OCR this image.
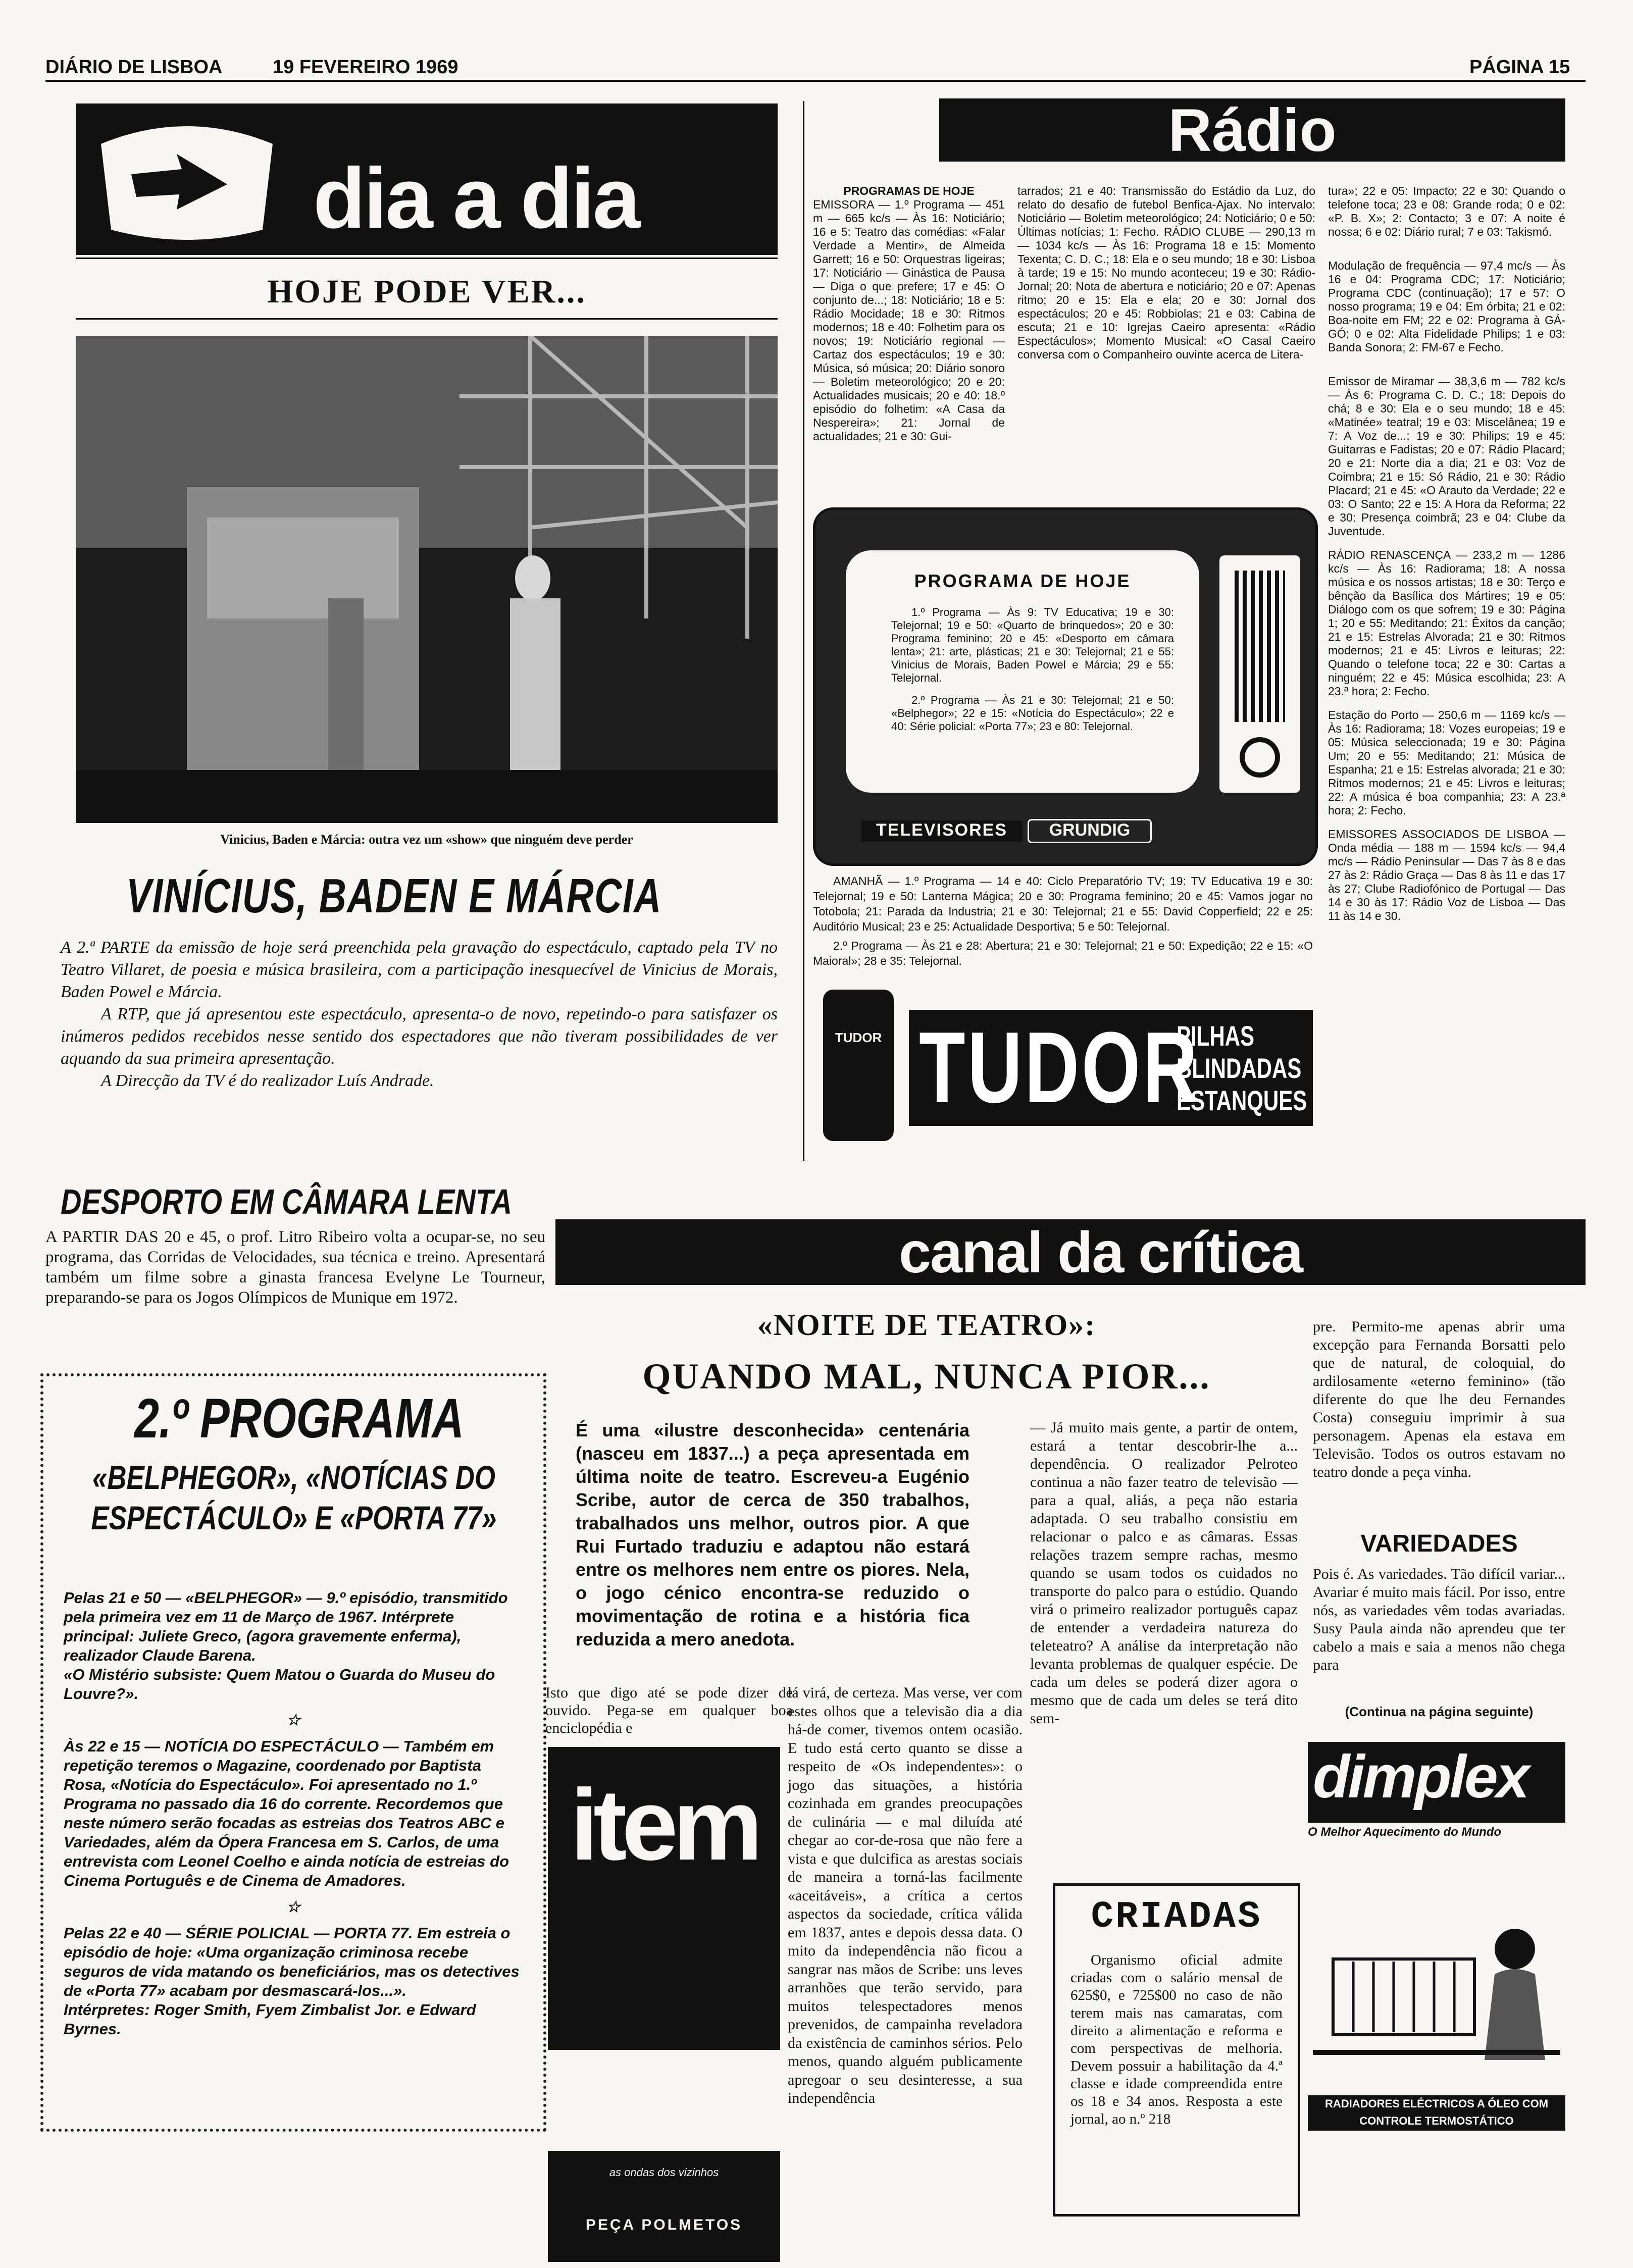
DIÁRIO DE LISBOA	19 FEVEREIRO 1969	PÁGINA 15
dia a dia
HOJE PODE VER...
Vinicius, Baden e Márcia: outra vez um «show» que ninguém deve perder
VINÍCIUS, BADEN E MÁRCIA

A 2.ª PARTE da emissão de hoje será preenchida pela gravação do espectáculo, captado pela TV no Teatro Villaret, de poesia e música brasileira, com a participação inesquecível de Vinicius de Morais, Baden Powel e Márcia.

A RTP, que já apresentou este espectáculo, apresenta-o de novo, repetindo-o para satisfazer os inúmeros pedidos recebidos nesse sentido dos espectadores que não tiveram possibilidades de ver aquando da sua primeira apresentação.

A Direcção da TV é do realizador Luís Andrade.

DESPORTO EM CÂMARA LENTA
A PARTIR DAS 20 e 45, o prof. Litro Ribeiro volta a ocupar-se, no seu programa, das Corridas de Velocidades, sua técnica e treino. Apresentará também um filme sobre a ginasta francesa Evelyne Le Tourneur, preparando-se para os Jogos Olímpicos de Munique em 1972.
2.º PROGRAMA
«BELPHEGOR», «NOTÍCIAS DO ESPECTÁCULO» E «PORTA 77»

Pelas 21 e 50 — «BELPHEGOR» — 9.º episódio, transmitido pela primeira vez em 11 de Março de 1967. Intérprete principal: Juliete Greco, (agora gravemente enferma), realizador Claude Barena.

«O Mistério subsiste: Quem Matou o Guarda do Museu do Louvre?».

☆

Às 22 e 15 — NOTÍCIA DO ESPECTÁCULO — Também em repetição teremos o Magazine, coordenado por Baptista Rosa, «Notícia do Espectáculo». Foi apresentado no 1.º Programa no passado dia 16 do corrente. Recordemos que neste número serão focadas as estreias dos Teatros ABC e Variedades, além da Ópera Francesa em S. Carlos, de uma entrevista com Leonel Coelho e ainda notícia de estreias do Cinema Português e de Cinema de Amadores.

☆

Pelas 22 e 40 — SÉRIE POLICIAL — PORTA 77. Em estreia o episódio de hoje: «Uma organização criminosa recebe seguros de vida matando os beneficiários, mas os detectives de «Porta 77» acabam por desmascará-los...».

Intérpretes: Roger Smith, Fyem Zimbalist Jor. e Edward Byrnes.

Rádio

PROGRAMAS DE HOJE

EMISSORA — 1.º Programa — 451 m — 665 kc/s — Às 16: Noticiário; 16 e 5: Teatro das comédias: «Falar Verdade a Mentir», de Almeida Garrett; 16 e 50: Orquestras ligeiras; 17: Noticiário — Ginástica de Pausa — Diga o que prefere; 17 e 45: O conjunto de...; 18: Noticiário; 18 e 5: Rádio Mocidade; 18 e 30: Ritmos modernos; 18 e 40: Folhetim para os novos; 19: Noticiário regional — Cartaz dos espectáculos; 19 e 30: Música, só música; 20: Diário sonoro — Boletim meteorológico; 20 e 20: Actualidades musicais; 20 e 40: 18.º episódio do folhetim: «A Casa da Nespereira»; 21: Jornal de actualidades; 21 e 30: Gui-

tarrados; 21 e 40: Transmissão do Estádio da Luz, do relato do desafio de futebol Benfica-Ajax. No intervalo: Noticiário — Boletim meteorológico; 24: Noticiário; 0 e 50: Últimas notícias; 1: Fecho. RÁDIO CLUBE — 290,13 m — 1034 kc/s — Às 16: Programa 18 e 15: Momento Texenta; C. D. C.; 18: Ela e o seu mundo; 18 e 30: Lisboa à tarde; 19 e 15: No mundo aconteceu; 19 e 30: Rádio-Jornal; 20: Nota de abertura e noticiário; 20 e 07: Apenas ritmo; 20 e 15: Ela e ela; 20 e 30: Jornal dos espectáculos; 20 e 45: Robbiolas; 21 e 03: Cabina de escuta; 21 e 10: Igrejas Caeiro apresenta: «Rádio Espectáculos»; Momento Musical: «O Casal Caeiro conversa com o Companheiro ouvinte acerca de Litera-

tura»; 22 e 05: Impacto; 22 e 30: Quando o telefone toca; 23 e 08: Grande roda; 0 e 02: «P. B. X»; 2: Contacto; 3 e 07: A noite é nossa; 6 e 02: Diário rural; 7 e 03: Takismó.

Modulação de frequência — 97,4 mc/s — Às 16 e 04: Programa CDC; 17: Noticiário; Programa CDC (continuação); 17 e 57: O nosso programa; 19 e 04: Em órbita; 21 e 02: Boa-noite em FM; 22 e 02: Programa à GÁ-GÓ; 0 e 02: Alta Fidelidade Philips; 1 e 03: Banda Sonora; 2: FM-67 e Fecho.

Emissor de Miramar — 38,3,6 m — 782 kc/s — Às 6: Programa C. D. C.; 18: Depois do chá; 8 e 30: Ela e o seu mundo; 18 e 45: «Matinée» teatral; 19 e 03: Miscelânea; 19 e 7: A Voz de...; 19 e 30: Philips; 19 e 45: Guitarras e Fadistas; 20 e 07: Rádio Placard; 20 e 21: Norte dia a dia; 21 e 03: Voz de Coimbra; 21 e 15: Só Rádio, 21 e 30: Rádio Placard; 21 e 45: «O Arauto da Verdade; 22 e 03: O Santo; 22 e 15: A Hora da Reforma; 22 e 30: Presença coimbrã; 23 e 04: Clube da Juventude.

RÁDIO RENASCENÇA — 233,2 m — 1286 kc/s — Às 16: Radiorama; 18: A nossa música e os nossos artistas; 18 e 30: Terço e bênção da Basílica dos Mártires; 19 e 05: Diálogo com os que sofrem; 19 e 30: Página 1; 20 e 55: Meditando; 21: Êxitos da canção; 21 e 15: Estrelas Alvorada; 21 e 30: Ritmos modernos; 21 e 45: Livros e leituras; 22: Quando o telefone toca; 22 e 30: Cartas a ninguém; 22 e 45: Música escolhida; 23: A 23.ª hora; 2: Fecho.

Estação do Porto — 250,6 m — 1169 kc/s — Às 16: Radiorama; 18: Vozes europeias; 19 e 05: Música seleccionada; 19 e 30: Página Um; 20 e 55: Meditando; 21: Música de Espanha; 21 e 15: Estrelas alvorada; 21 e 30: Ritmos modernos; 21 e 45: Livros e leituras; 22: A música é boa companhia; 23: A 23.ª hora; 2: Fecho.

EMISSORES ASSOCIADOS DE LISBOA — Onda média — 188 m — 1594 kc/s — 94,4 mc/s — Rádio Peninsular — Das 7 às 8 e das 27 às 2: Rádio Graça — Das 8 às 11 e das 17 às 27; Clube Radiofónico de Portugal — Das 14 e 30 às 17: Rádio Voz de Lisboa — Das 11 às 14 e 30.

PROGRAMA DE HOJE

1.º Programa — Às 9: TV Educativa; 19 e 30: Telejornal; 19 e 50: «Quarto de brinquedos»; 20 e 30: Programa feminino; 20 e 45: «Desporto em câmara lenta»; 21: arte, plásticas; 21 e 30: Telejornal; 21 e 55: Vinicius de Morais, Baden Powel e Márcia; 29 e 55: Telejornal.

2.º Programa — Às 21 e 30: Telejornal; 21 e 50: «Belphegor»; 22 e 15: «Notícia do Espectáculo»; 22 e 40: Série policial: «Porta 77»; 23 e 80: Telejornal.

TELEVISORES	GRUNDIG

AMANHÃ — 1.º Programa — 14 e 40: Ciclo Preparatório TV; 19: TV Educativa 19 e 30: Telejornal; 19 e 50: Lanterna Mágica; 20 e 30: Programa feminino; 20 e 45: Vamos jogar no Totobola; 21: Parada da Industria; 21 e 30: Telejornal; 21 e 55: David Copperfield; 22 e 25: Auditório Musical; 23 e 25: Actualidade Desportiva; 5 e 50: Telejornal.

2.º Programa — Às 21 e 28: Abertura; 21 e 30: Telejornal; 21 e 50: Expedição; 22 e 15: «O Maioral»; 28 e 35: Telejornal.

TUDOR TUDOR
PILHAS
BLINDADAS
ESTANQUES
canal da crítica
«NOITE DE TEATRO»:
QUANDO MAL, NUNCA PIOR...
É uma «ilustre desconhecida» centenária (nasceu em 1837...) a peça apresentada em última noite de teatro. Escreveu-a Eugénio Scribe, autor de cerca de 350 trabalhos, trabalhados uns melhor, outros pior. A que Rui Furtado traduziu e adaptou não estará entre os melhores nem entre os piores. Nela, o jogo cénico encontra-se reduzido o movimentação de rotina e a história fica reduzida a mero anedota.
Isto que digo até se pode dizer de ouvido. Pega-se em qualquer boa enciclopédia e
lá virá, de certeza. Mas verse, ver com estes olhos que a televisão dia a dia há-de comer, tivemos ontem ocasião. E tudo está certo quanto se disse a respeito de «Os independentes»: o jogo das situações, a história cozinhada em grandes preocupações de culinária — e mal diluída até chegar ao cor-de-rosa que não fere a vista e que dulcifica as arestas sociais de maneira a torná-las facilmente «aceitáveis», a crítica a certos aspectos da sociedade, crítica válida em 1837, antes e depois dessa data. O mito da independência não ficou a sangrar nas mãos de Scribe: uns leves arranhões que terão servido, para muitos telespectadores menos prevenidos, de campainha reveladora da existência de caminhos sérios. Pelo menos, quando alguém publicamente apregoar o seu desinteresse, a sua independência
— Já muito mais gente, a partir de ontem, estará a tentar descobrir-lhe a... dependência. O realizador Pelroteo continua a não fazer teatro de televisão — para a qual, aliás, a peça não estaria adaptada. O seu trabalho consistiu em relacionar o palco e as câmaras. Essas relações trazem sempre rachas, mesmo quando se usam todos os cuidados no transporte do palco para o estúdio. Quando virá o primeiro realizador português capaz de entender a verdadeira natureza do teleteatro? A análise da interpretação não levanta problemas de qualquer espécie. De cada um deles se poderá dizer agora o mesmo que de cada um deles se terá dito sem-
pre. Permito-me apenas abrir uma excepção para Fernanda Borsatti pelo que de natural, de coloquial, do ardilosamente «eterno feminino» (tão diferente do que lhe deu Fernandes Costa) conseguiu imprimir à sua personagem. Apenas ela estava em Televisão. Todos os outros estavam no teatro donde a peça vinha.
VARIEDADES
Pois é. As variedades. Tão difícil variar... Avariar é muito mais fácil. Por isso, entre nós, as variedades vêm todas avariadas. Susy Paula ainda não aprendeu que ter cabelo a mais e saia a menos não chega para
(Continua na página seguinte)
item
as ondas dos vizinhos
PEÇA POLMETOS
CRIADAS
Organismo oficial admite criadas com o salário mensal de 625$0, e 725$00 no caso de não terem mais nas camaratas, com direito a alimentação e reforma e com perspectivas de melhoria. Devem possuir a habilitação da 4.ª classe e idade compreendida entre os 18 e 34 anos. Resposta a este jornal, ao n.º 218
dimplex
O Melhor Aquecimento do Mundo
RADIADORES ELÉCTRICOS A ÓLEO COM CONTROLE TERMOSTÁTICO
